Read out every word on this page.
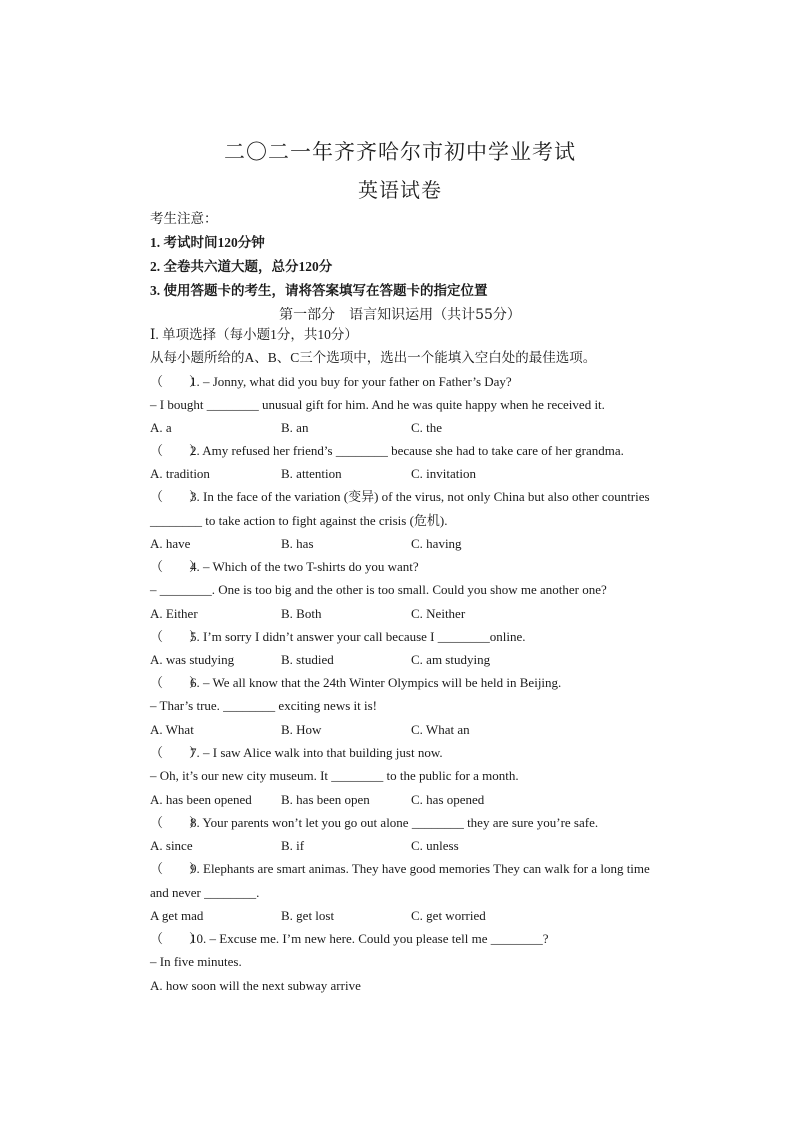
二〇二一年齐齐哈尔市初中学业考试
英语试卷
考生注意：
1. 考试时间120分钟
2. 全卷共六道大题，总分120分
3. 使用答题卡的考生，请将答案填写在答题卡的指定位置
第一部分　语言知识运用（共计55分）
Ⅰ. 单项选择（每小题1分，共10分）
从每小题所给的A、B、C三个选项中，选出一个能填入空白处的最佳选项。
（　　）1. – Jonny, what did you buy for your father on Father’s Day?
– I bought ________ unusual gift for him. And he was quite happy when he received it.
A. a	B. an	C. the
（　　）2. Amy refused her friend’s ________ because she had to take care of her grandma.
A. tradition	B. attention	C. invitation
（　　）3. In the face of the variation (变异) of the virus, not only China but also other countries
________ to take action to fight against the crisis (危机).
A. have	B. has	C. having
（　　）4. – Which of the two T-shirts do you want?
– ________. One is too big and the other is too small. Could you show me another one?
A. Either	B. Both	C. Neither
（　　）5. I’m sorry I didn’t answer your call because I ________online.
A. was studying	B. studied	C. am studying
（　　）6. – We all know that the 24th Winter Olympics will be held in Beijing.
– Thar’s true. ________ exciting news it is!
A. What	B. How	C. What an
（　　）7. – I saw Alice walk into that building just now.
– Oh, it’s our new city museum. It ________ to the public for a month.
A. has been opened B. has been open	C. has opened
（　　）8. Your parents won’t let you go out alone ________ they are sure you’re safe.
A. since	B. if	C. unless
（　　）9. Elephants are smart animas. They have good memories They can walk for a long time
and never ________.
A get mad	B. get lost	C. get worried
（　　）10. – Excuse me. I’m new here. Could you please tell me ________?
– In five minutes.
A. how soon will the next subway arrive
